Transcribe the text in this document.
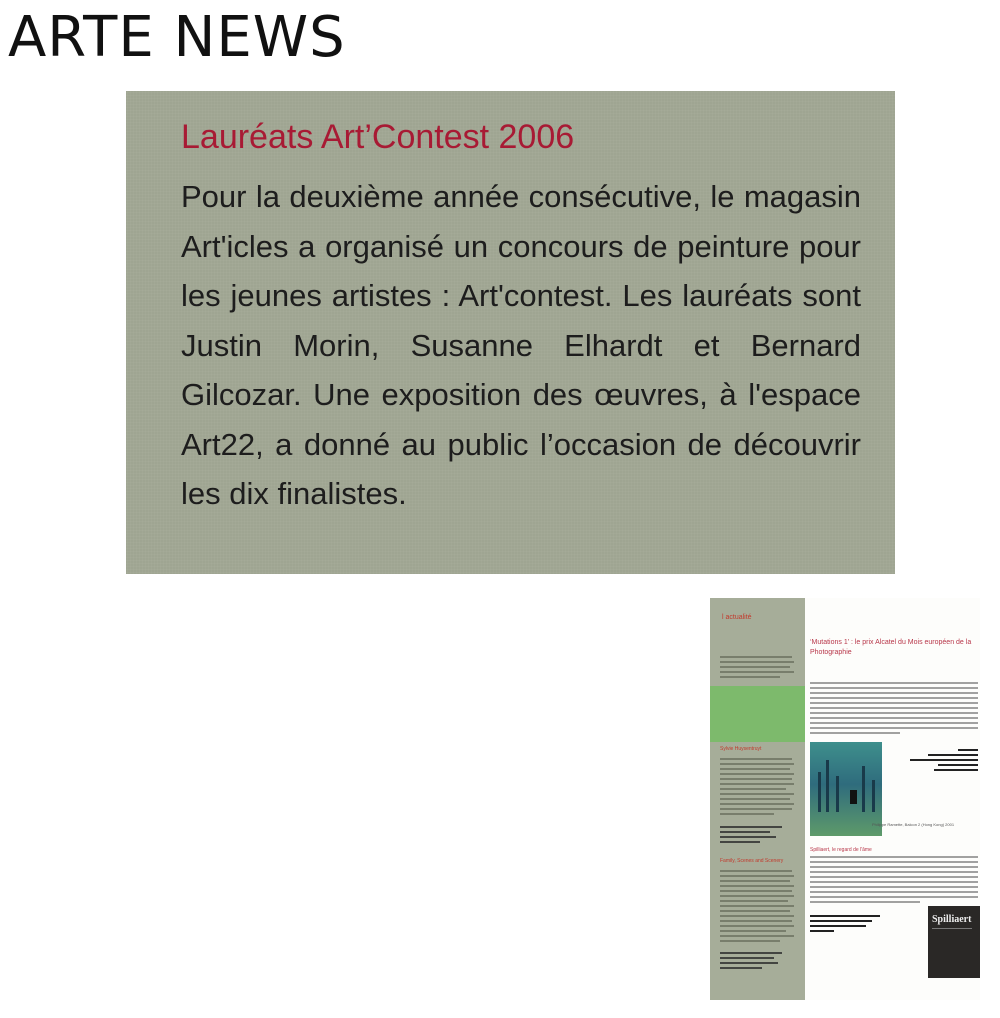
ARTE NEWS
Lauréats Art’Contest 2006

Pour la deuxième année consécutive, le magasin Art'icles a organisé un concours de peinture pour les jeunes artistes : Art'contest. Les lauréats sont Justin Morin, Susanne Elhardt et Bernard Gilcozar. Une exposition des œuvres, à l'espace Art22, a donné au public l’occasion de découvrir les dix finalistes.

l actualité
Sylvie Huysentruyt
Family, Scenes and Scenery
‘Mutations 1’ : le prix Alcatel du Mois européen de la Photographie
Philippe Ramette, Balcon 2 (Hong Kong) 2001
Spilliaert, le regard de l'âme
Spilliaert
